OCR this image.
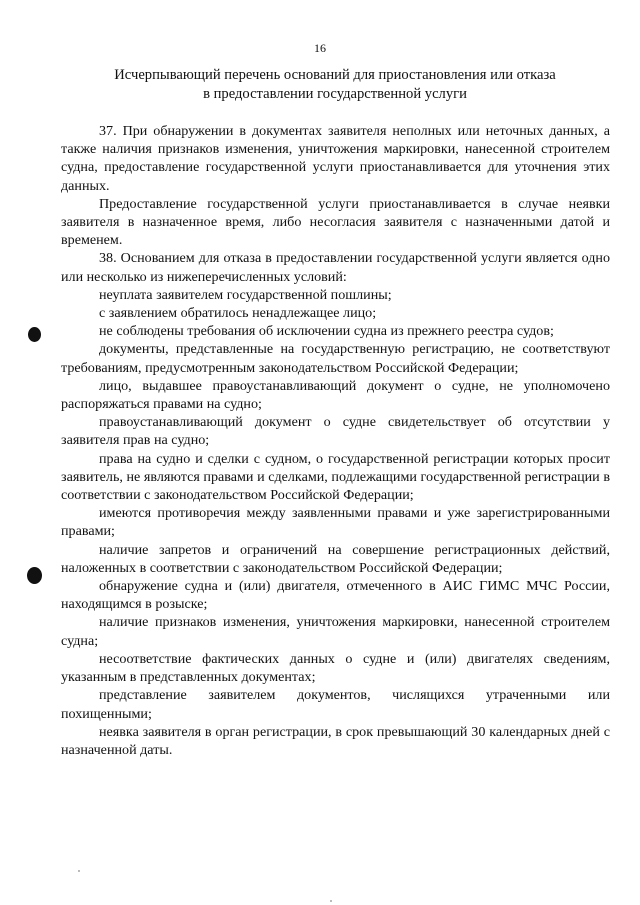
16
Исчерпывающий перечень оснований для приостановления или отказа
в предоставлении государственной услуги

37. При обнаружении в документах заявителя неполных или неточных данных, а также наличия признаков изменения, уничтожения маркировки, нанесенной строителем судна, предоставление государственной услуги приостанавливается для уточнения этих данных.

Предоставление государственной услуги приостанавливается в случае неявки заявителя в назначенное время, либо несогласия заявителя с назначенными датой и временем.

38. Основанием для отказа в предоставлении государственной услуги является одно или несколько из нижеперечисленных условий:

неуплата заявителем государственной пошлины;

с заявлением обратилось ненадлежащее лицо;

не соблюдены требования об исключении судна из прежнего реестра судов;

документы, представленные на государственную регистрацию, не соответствуют требованиям, предусмотренным законодательством Российской Федерации;

лицо, выдавшее правоустанавливающий документ о судне, не уполномочено распоряжаться правами на судно;

правоустанавливающий документ о судне свидетельствует об отсутствии у заявителя прав на судно;

права на судно и сделки с судном, о государственной регистрации которых просит заявитель, не являются правами и сделками, подлежащими государственной регистрации в соответствии с законодательством Российской Федерации;

имеются противоречия между заявленными правами и уже зарегистрированными правами;

наличие запретов и ограничений на совершение регистрационных действий, наложенных в соответствии с законодательством Российской Федерации;

обнаружение судна и (или) двигателя, отмеченного в АИС ГИМС МЧС России, находящимся в розыске;

наличие признаков изменения, уничтожения маркировки, нанесенной строителем судна;

несоответствие фактических данных о судне и (или) двигателях сведениям, указанным в представленных документах;

представление заявителем документов, числящихся утраченными или похищенными;

неявка заявителя в орган регистрации, в срок превышающий 30 календарных дней с назначенной даты.
